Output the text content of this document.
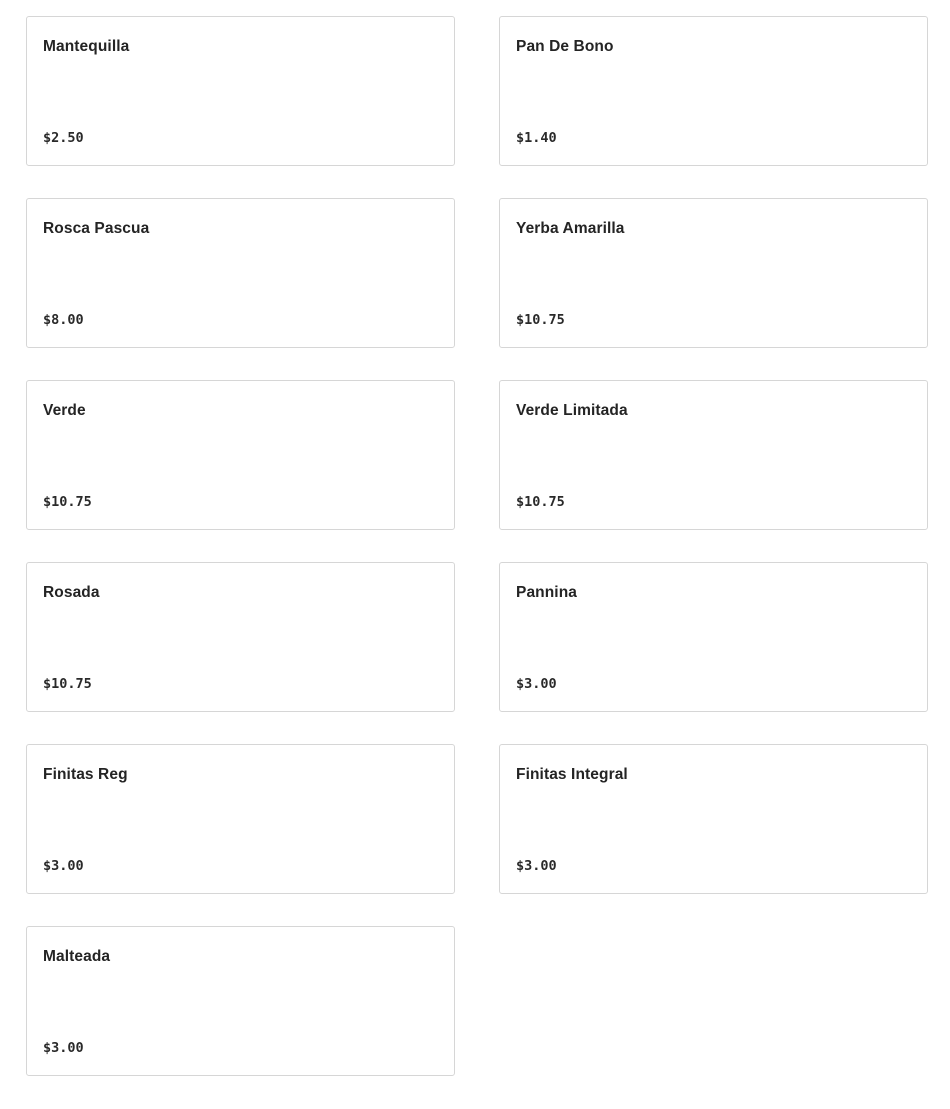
Mantequilla
$2.50
Pan De Bono
$1.40
Rosca Pascua
$8.00
Yerba Amarilla
$10.75
Verde
$10.75
Verde Limitada
$10.75
Rosada
$10.75
Pannina
$3.00
Finitas Reg
$3.00
Finitas Integral
$3.00
Malteada
$3.00
